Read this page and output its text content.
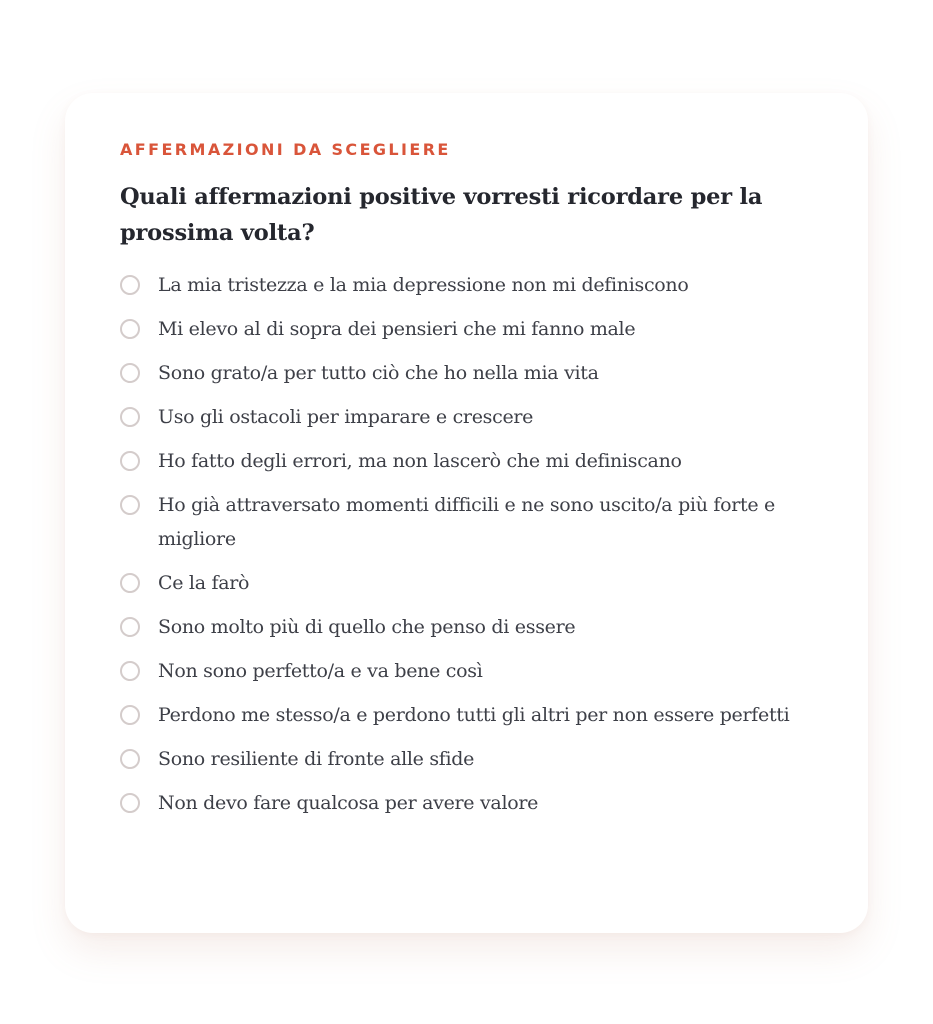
AFFERMAZIONI DA SCEGLIERE

Quali affermazioni positive vorresti ricordare per la prossima volta?
La mia tristezza e la mia depressione non mi definiscono
Mi elevo al di sopra dei pensieri che mi fanno male
Sono grato/a per tutto ciò che ho nella mia vita
Uso gli ostacoli per imparare e crescere
Ho fatto degli errori, ma non lascerò che mi definiscano
Ho già attraversato momenti difficili e ne sono uscito/a più forte e migliore
Ce la farò
Sono molto più di quello che penso di essere
Non sono perfetto/a e va bene così
Perdono me stesso/a e perdono tutti gli altri per non essere perfetti
Sono resiliente di fronte alle sfide
Non devo fare qualcosa per avere valore
